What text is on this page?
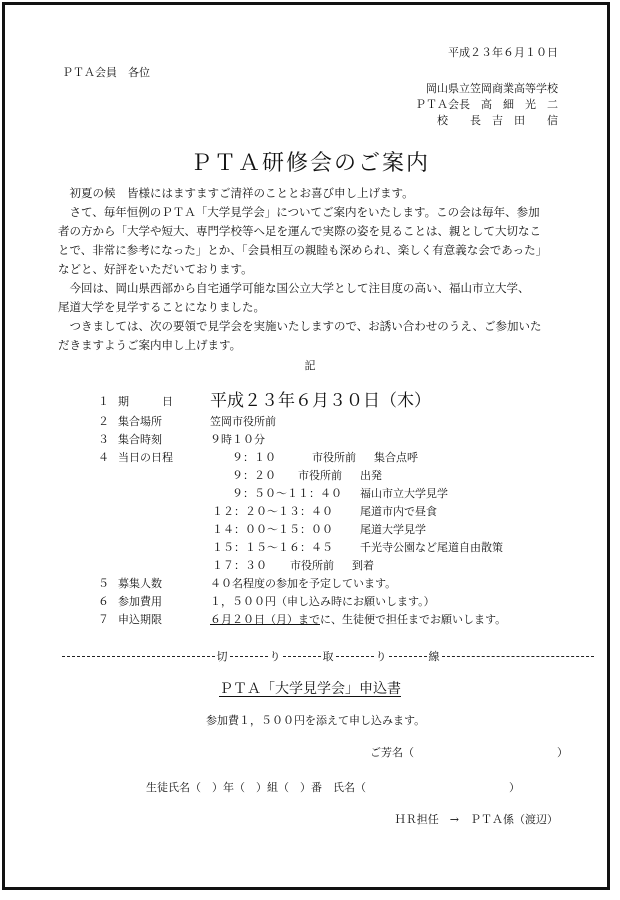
平成２３年６月１０日
ＰＴＡ会員　各位
岡山県立笠岡商業高等学校
ＰＴＡ会長　高　細　光　二
校　　長　吉　田　　信
ＰＴＡ研修会のご案内

　初夏の候　皆様にはますますご清祥のこととお喜び申し上げます。

　さて、毎年恒例のＰＴＡ「大学見学会」についてご案内をいたします。この会は毎年、参加

者の方から「大学や短大、専門学校等へ足を運んで実際の姿を見ることは、親として大切なこ

とで、非常に参考になった」とか、「会員相互の親睦も深められ、楽しく有意義な会であった」

などと、好評をいただいております。

　今回は、岡山県西部から自宅通学可能な国公立大学として注目度の高い、福山市立大学、

尾道大学を見学することになりました。

　つきましては、次の要領で見学会を実施いたしますので、お誘い合わせのうえ、ご参加いた

だきますようご案内申し上げます。

記
１ 期　　　日 平成２３年６月３０日（木）
２ 集合場所	笠岡市役所前
３ 集合時刻	９時１０分
４ 当日の日程	９：１０	市役所前 集合点呼
９：２０ 市役所前 出発
９：５０～１１：４０ 福山市立大学見学
１２：２０～１３：４０ 尾道市内で昼食
１４：００～１５：００ 尾道大学見学
１５：１５～１６：４５ 千光寺公園など尾道自由散策
１７：３０ 市役所前 到着
５ 募集人数	４０名程度の参加を予定しています。
６ 参加費用	１，５００円（申し込み時にお願いします。）
７ 申込期限	６月２０日（月）までに、生徒便で担任までお願いします。
切	り	取	り	線
ＰＴＡ「大学見学会」申込書
参加費１，５００円を添えて申し込みます。
ご芳名（　　　　　　　　　　　　　）
生徒氏名（　）年（　）組（　）番　氏名（　　　　　　　　　　　　　）
ＨＲ担任　→　ＰＴＡ係（渡辺）
